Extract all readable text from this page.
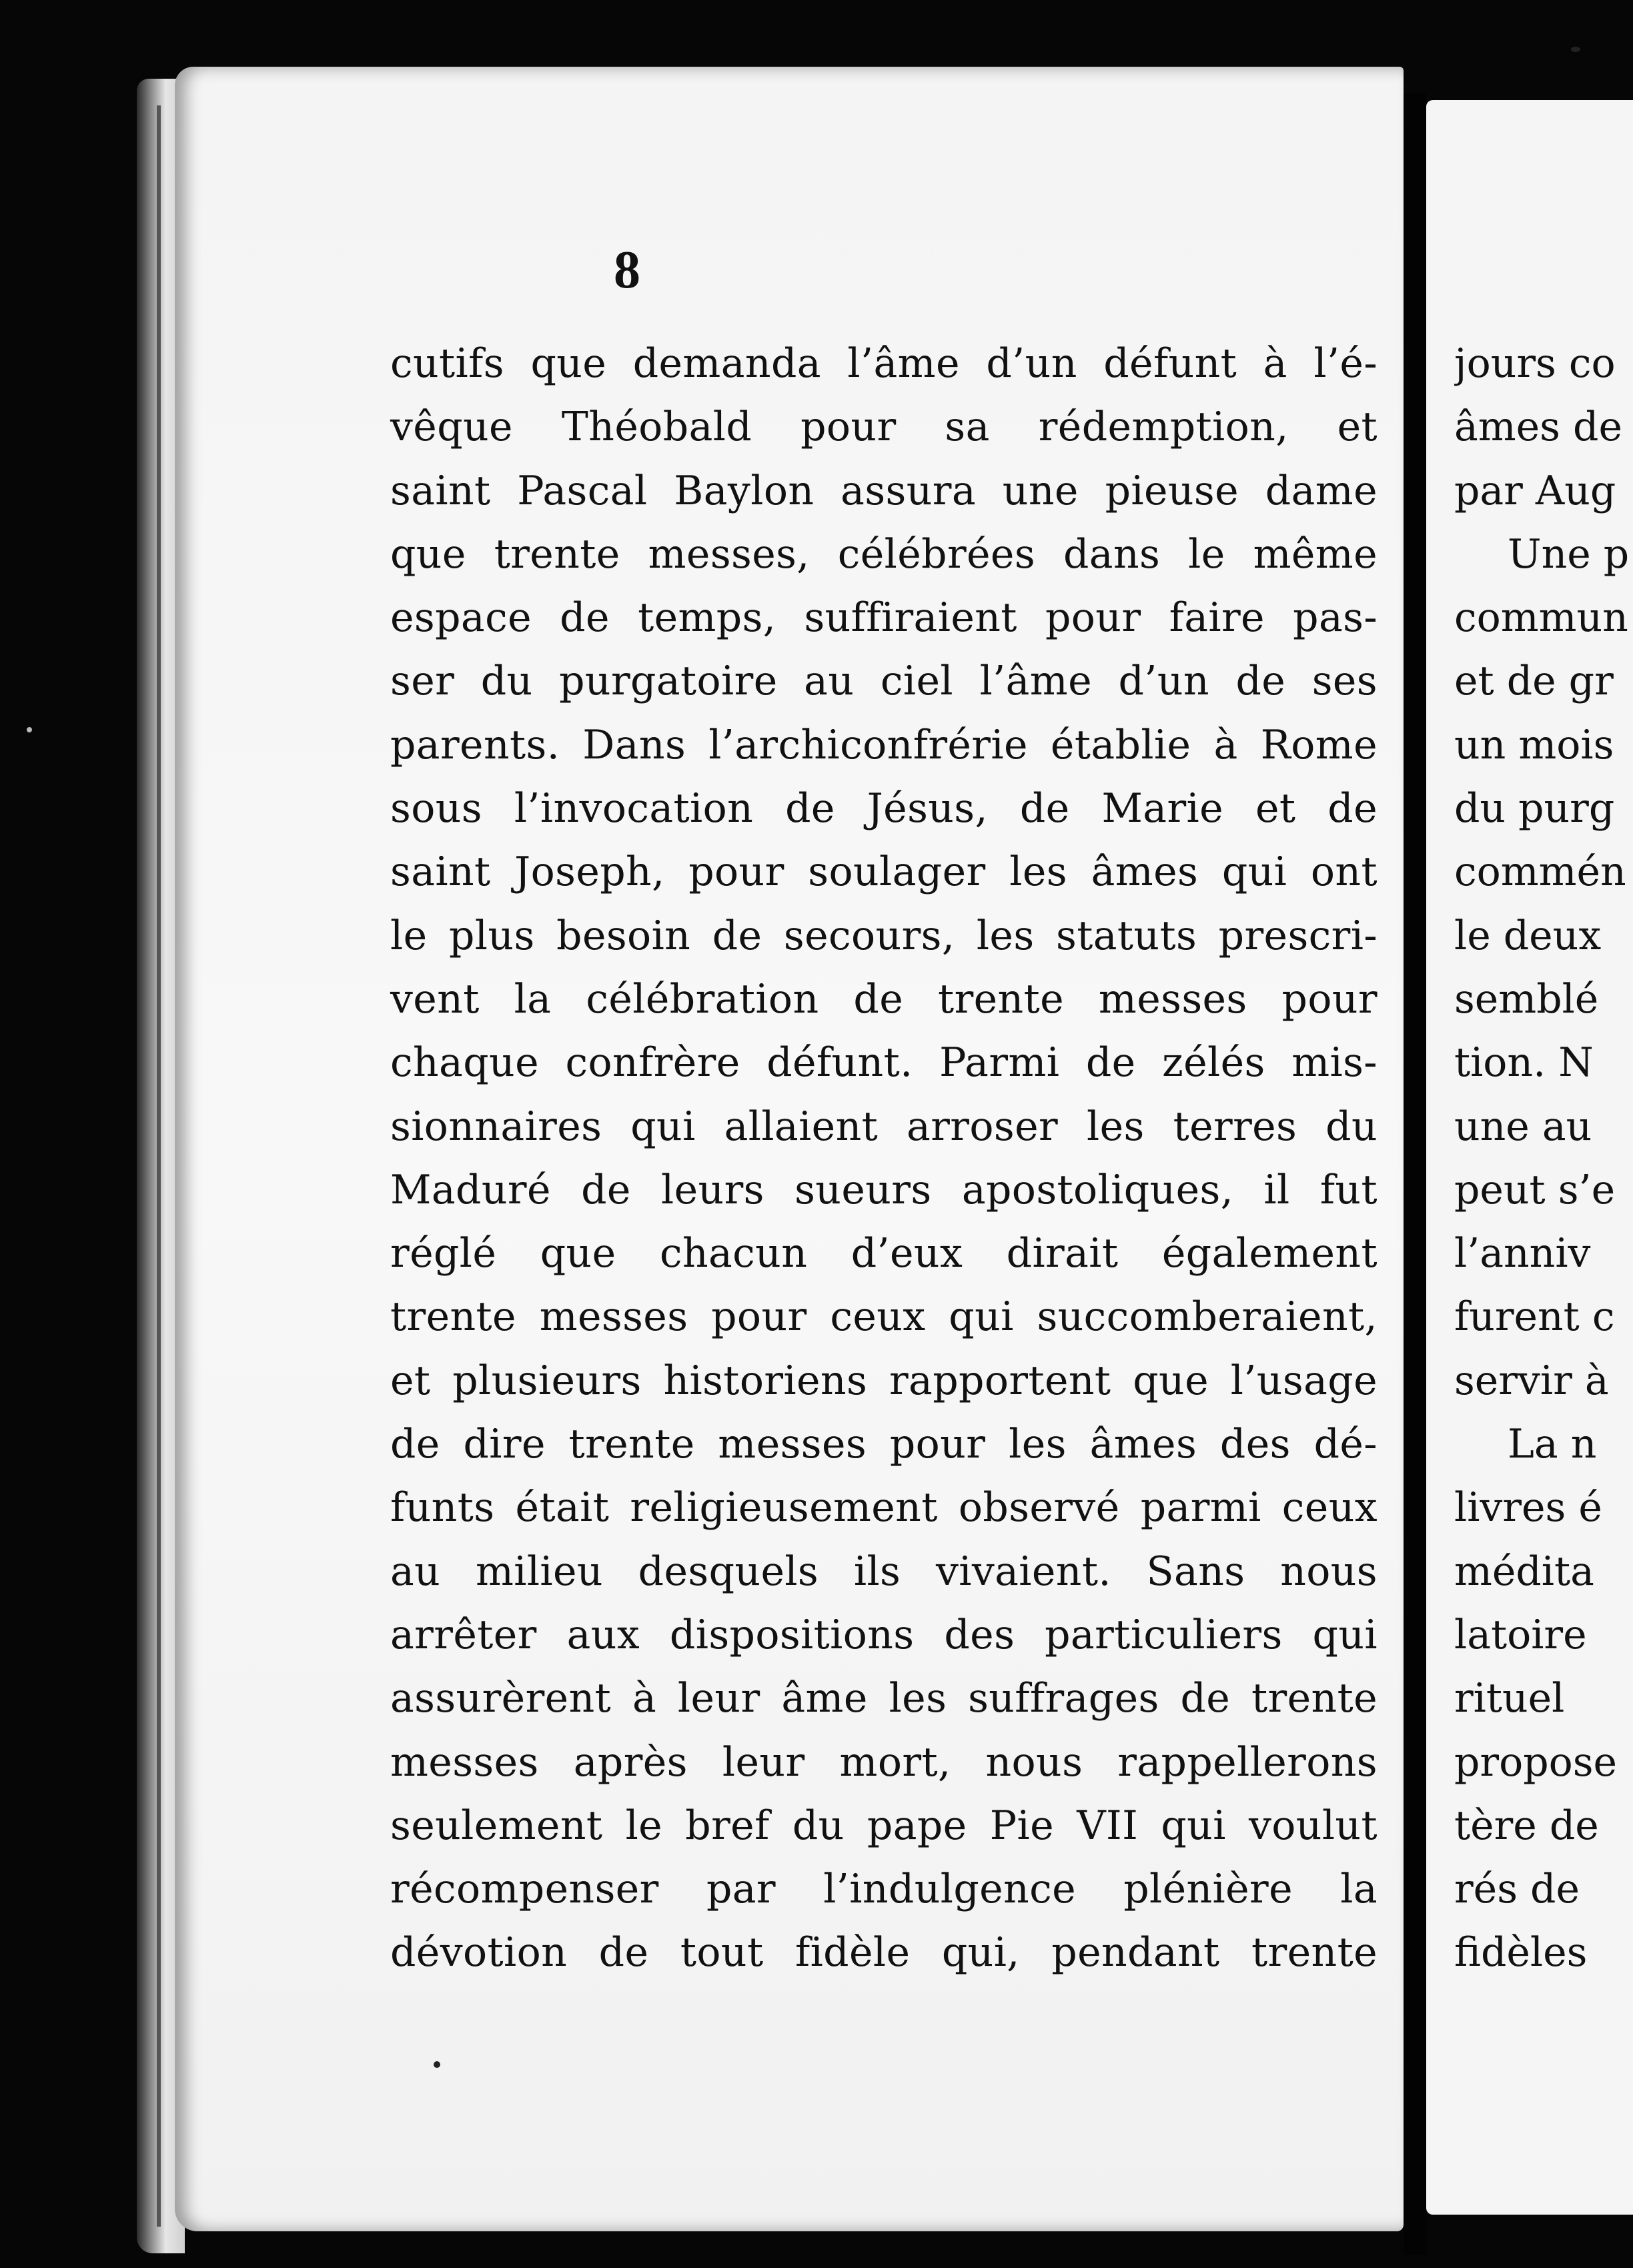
8
cutifs que demanda l’âme d’un défunt à l’é-
vêque Théobald pour sa rédemption, et
saint Pascal Baylon assura une pieuse dame
que trente messes, célébrées dans le même
espace de temps, suffiraient pour faire pas-
ser du purgatoire au ciel l’âme d’un de ses
parents. Dans l’archiconfrérie établie à Rome
sous l’invocation de Jésus, de Marie et de
saint Joseph, pour soulager les âmes qui ont
le plus besoin de secours, les statuts prescri-
vent la célébration de trente messes pour
chaque confrère défunt. Parmi de zélés mis-
sionnaires qui allaient arroser les terres du
Maduré de leurs sueurs apostoliques, il fut
réglé que chacun d’eux dirait également
trente messes pour ceux qui succomberaient,
et plusieurs historiens rapportent que l’usage
de dire trente messes pour les âmes des dé-
funts était religieusement observé parmi ceux
au milieu desquels ils vivaient. Sans nous
arrêter aux dispositions des particuliers qui
assurèrent à leur âme les suffrages de trente
messes après leur mort, nous rappellerons
seulement le bref du pape Pie VII qui voulut
récompenser par l’indulgence plénière la
dévotion de tout fidèle qui, pendant trente
jours co
âmes de
par Aug
Une p
commun
et de gr
un mois
du purg
commén
le deux
semblé
tion. N
une au
peut s’e
l’anniv
furent c
servir à
La n
livres é
médita
latoire
rituel
propose
tère de
rés de
fidèles
